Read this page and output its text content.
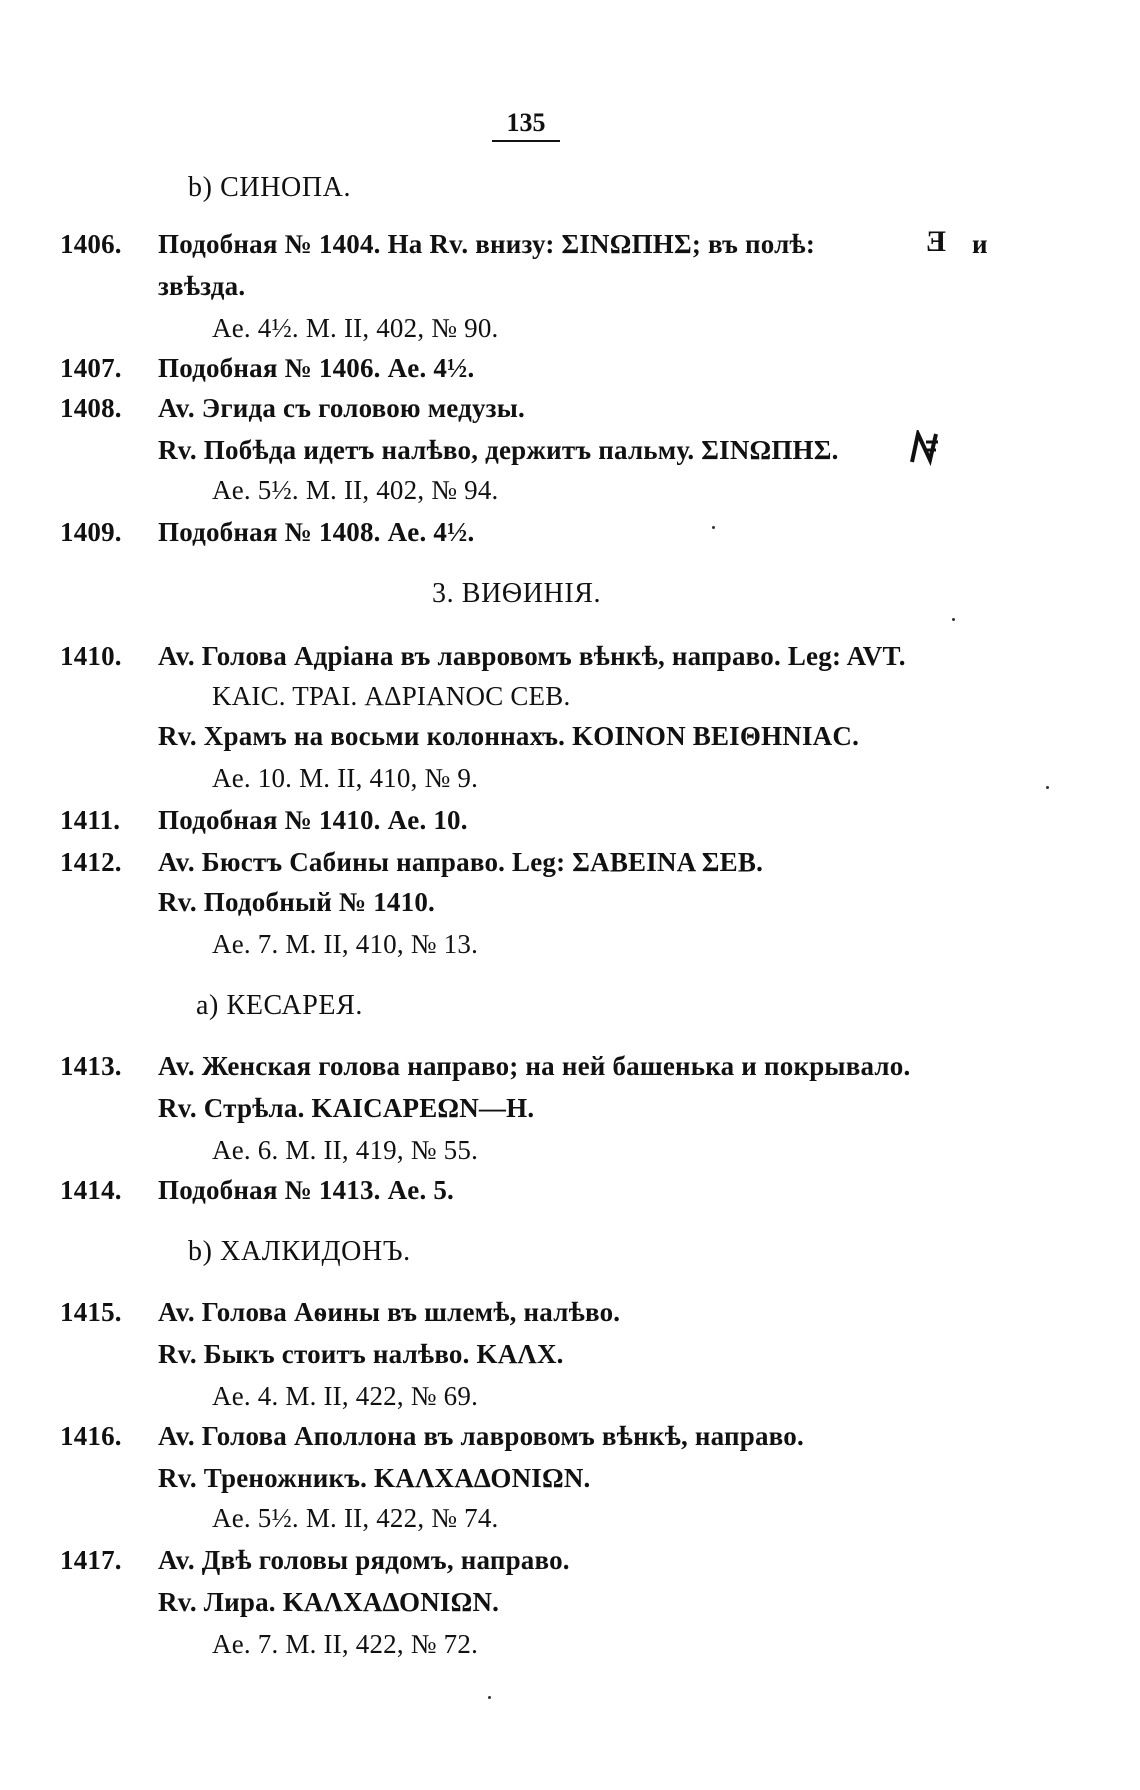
135
b) СИНОПА.
1406. Подобная № 1404. На Rv. внизу: ΣΙΝΩΠΗΣ; въ полѣ:	E и
звѣзда.
Ae. 4½. M. II, 402, № 90.
1407. Подобная № 1406. Ae. 4½.
1408. Av. Эгида съ головою медузы.
Rv. Побѣда идетъ налѣво, держитъ пальму. ΣΙΝΩΠΗΣ.
Ae. 5½. M. II, 402, № 94.
1409. Подобная № 1408. Ae. 4½.
3. ВИѲИНІЯ.
1410. Av. Голова Адріана въ лавровомъ вѣнкѣ, направо. Leg: AVT.
KAIC. TPAI. ΑΔΡΙΑΝΟC CΕB.
Rv. Храмъ на восьми колоннахъ. KOINON BΕIΘHNIAC.
Ae. 10. M. II, 410, № 9.
1411. Подобная № 1410. Ae. 10.
1412. Av. Бюстъ Сабины направо. Leg: ΣΑΒΕΙΝΑ ΣΕΒ.
Rv. Подобный № 1410.
Ae. 7. M. II, 410, № 13.
a) КЕСАРЕЯ.
1413. Av. Женская голова направо; на ней башенька и покрывало.
Rv. Стрѣла. KAICAPEΩN—H.
Ae. 6. M. II, 419, № 55.
1414. Подобная № 1413. Ae. 5.
b) ХАЛКИДОНЪ.
1415. Av. Голова Аѳины въ шлемѣ, налѣво.
Rv. Быкъ стоитъ налѣво. ΚΑΛΧ.
Ae. 4. M. II, 422, № 69.
1416. Av. Голова Аполлона въ лавровомъ вѣнкѣ, направо.
Rv. Треножникъ. ΚΑΛΧΑΔΟΝΙΩΝ.
Ae. 5½. M. II, 422, № 74.
1417. Av. Двѣ головы рядомъ, направо.
Rv. Лира. ΚΑΛΧΑΔΟΝΙΩΝ.
Ae. 7. M. II, 422, № 72.
